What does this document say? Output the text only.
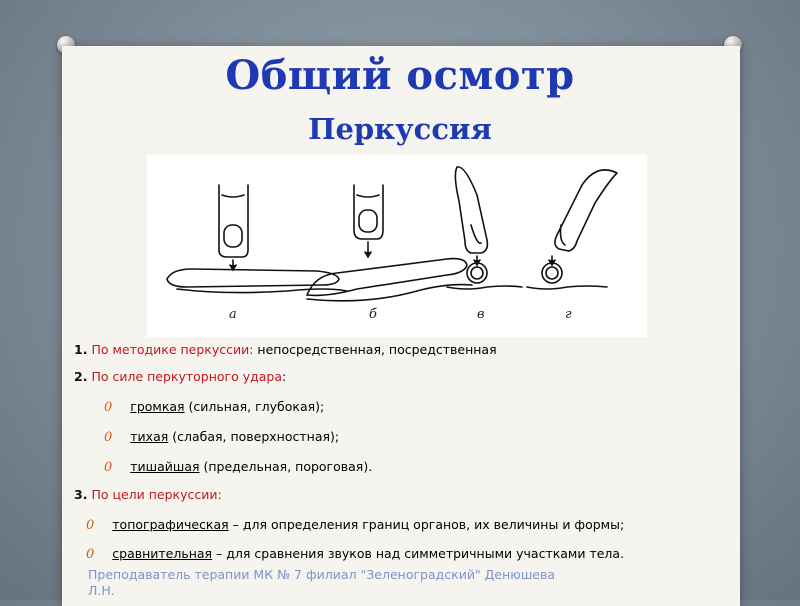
Общий осмотр
Перкуссия
а	б	в	г
1. По методике перкуссии: непосредственная, посредственная
2. По силе перкуторного удара:
0 громкая (сильная, глубокая);
0 тихая (слабая, поверхностная);
0 тишайшая (предельная, пороговая).
3. По цели перкуссии:
0 топографическая – для определения границ органов, их величины и формы;
0 сравнительная – для сравнения звуков над симметричными участками тела.
Преподаватель терапии МК № 7 филиал "Зеленоградский" Денюшева
Л.Н.
